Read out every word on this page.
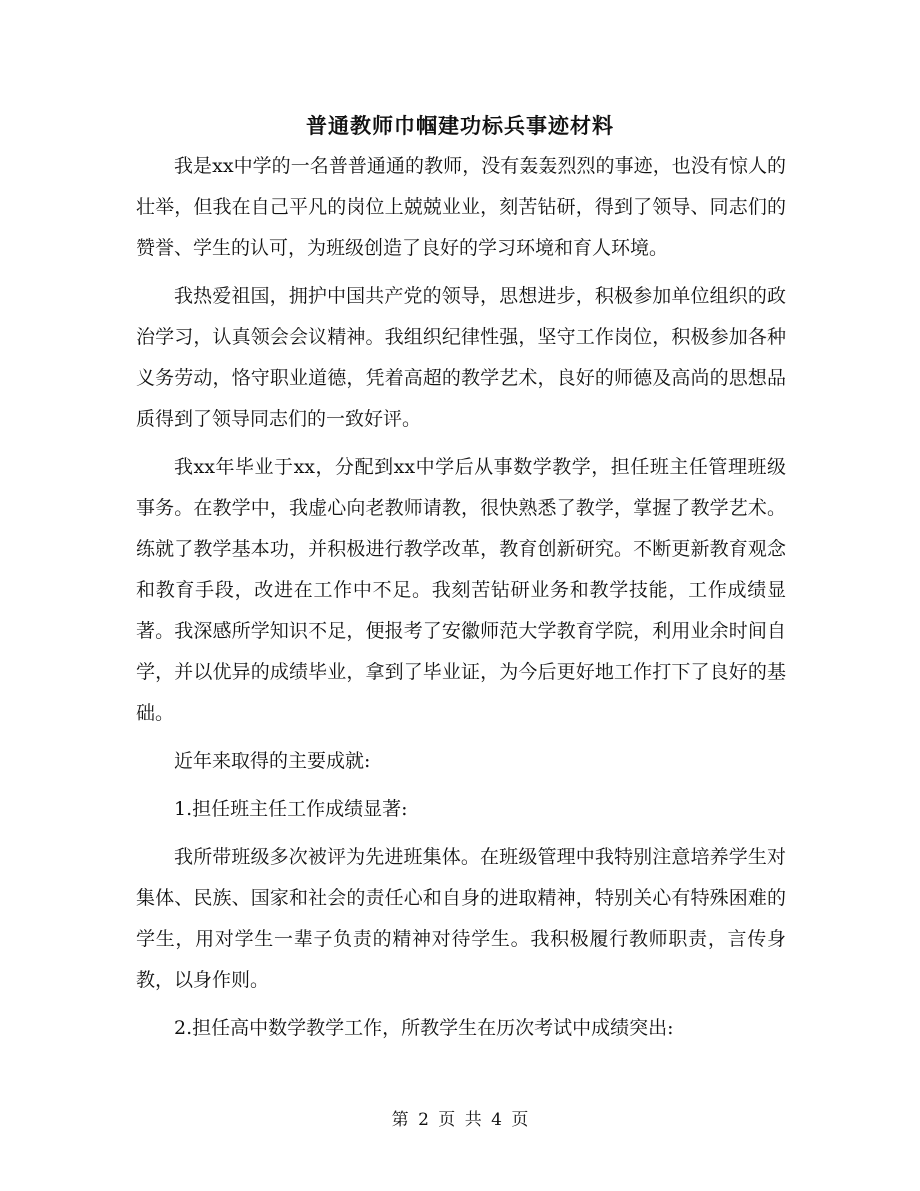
普通教师巾帼建功标兵事迹材料

我是xx中学的一名普普通通的教师，没有轰轰烈烈的事迹，也没有惊人的壮举，但我在自己平凡的岗位上兢兢业业，刻苦钻研，得到了领导、同志们的赞誉、学生的认可，为班级创造了良好的学习环境和育人环境。

我热爱祖国，拥护中国共产党的领导，思想进步，积极参加单位组织的政治学习，认真领会会议精神。我组织纪律性强，坚守工作岗位，积极参加各种义务劳动，恪守职业道德，凭着高超的教学艺术，良好的师德及高尚的思想品质得到了领导同志们的一致好评。

我xx年毕业于xx，分配到xx中学后从事数学教学，担任班主任管理班级事务。在教学中，我虚心向老教师请教，很快熟悉了教学，掌握了教学艺术。练就了教学基本功，并积极进行教学改革，教育创新研究。不断更新教育观念和教育手段，改进在工作中不足。我刻苦钻研业务和教学技能，工作成绩显著。我深感所学知识不足，便报考了安徽师范大学教育学院，利用业余时间自学，并以优异的成绩毕业，拿到了毕业证，为今后更好地工作打下了良好的基础。

近年来取得的主要成就:

1.担任班主任工作成绩显著:

我所带班级多次被评为先进班集体。在班级管理中我特别注意培养学生对集体、民族、国家和社会的责任心和自身的进取精神，特别关心有特殊困难的学生，用对学生一辈子负责的精神对待学生。我积极履行教师职责，言传身教，以身作则。

2.担任高中数学教学工作，所教学生在历次考试中成绩突出:

第 2 页 共 4 页
